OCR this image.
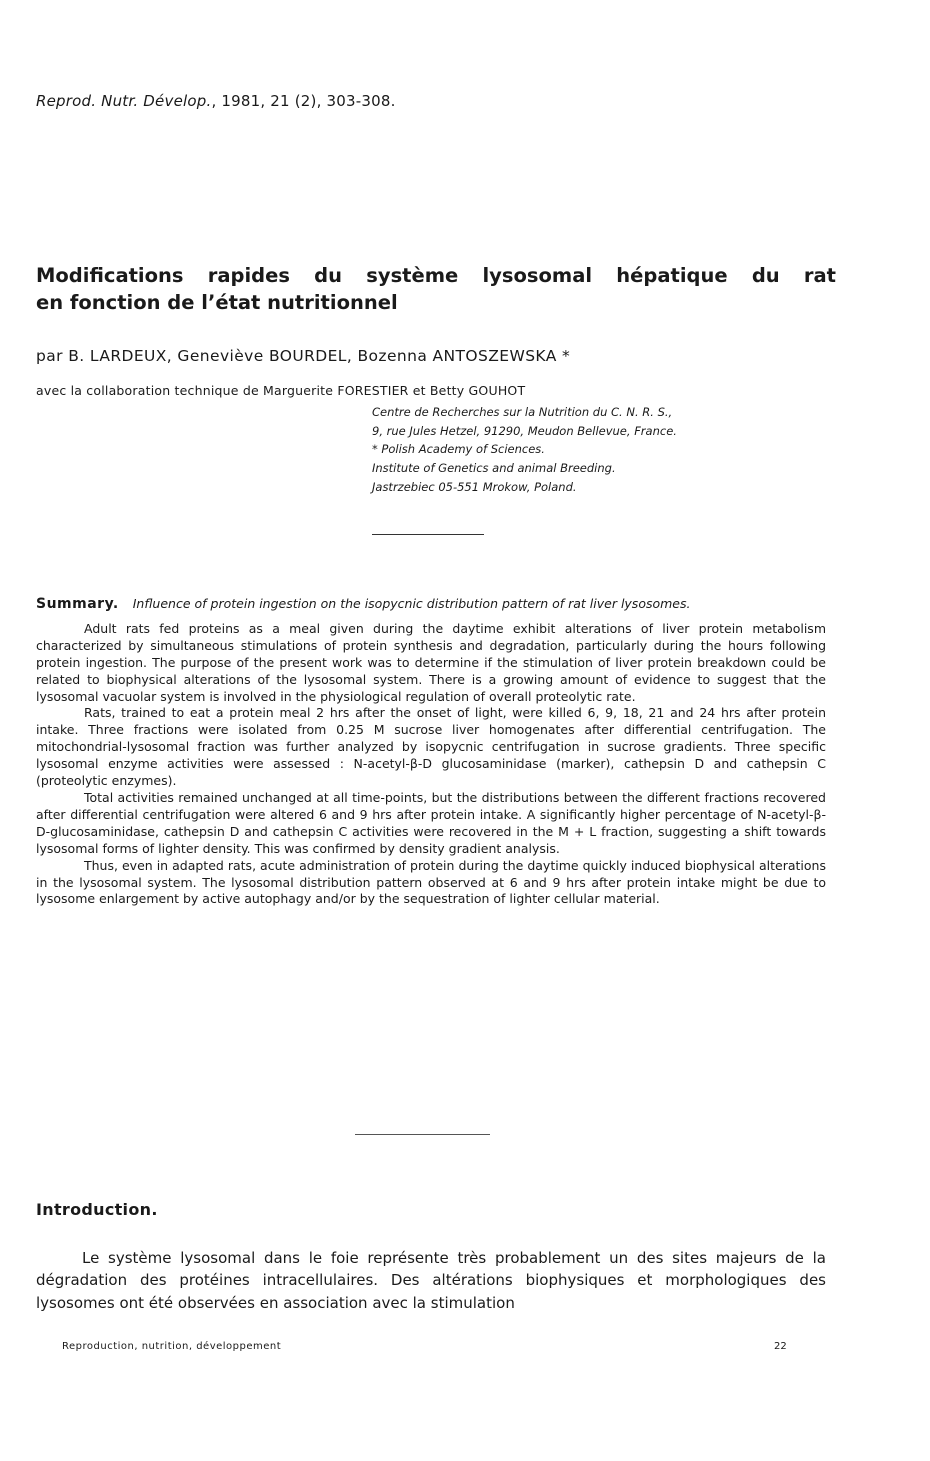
Reprod. Nutr. Dévelop., 1981, 21 (2), 303-308.
Modifications rapides du système lysosomal hépatique du rat
en fonction de l’état nutritionnel
par B. LARDEUX, Geneviève BOURDEL, Bozenna ANTOSZEWSKA *
avec la collaboration technique de Marguerite FORESTIER et Betty GOUHOT
Centre de Recherches sur la Nutrition du C. N. R. S.,
9, rue Jules Hetzel, 91290, Meudon Bellevue, France.
* Polish Academy of Sciences.
Institute of Genetics and animal Breeding.
Jastrzebiec 05-551 Mrokow, Poland.

Summary. Influence of protein ingestion on the isopycnic distribution pattern of rat liver lysosomes.

Adult rats fed proteins as a meal given during the daytime exhibit alterations of liver protein metabolism characterized by simultaneous stimulations of protein synthesis and degradation, particularly during the hours following protein ingestion. The purpose of the present work was to determine if the stimulation of liver protein breakdown could be related to biophysical alterations of the lysosomal system. There is a growing amount of evidence to suggest that the lysosomal vacuolar system is involved in the physiological regulation of overall proteolytic rate.

Rats, trained to eat a protein meal 2 hrs after the onset of light, were killed 6, 9, 18, 21 and 24 hrs after protein intake. Three fractions were isolated from 0.25 M sucrose liver homogenates after differential centrifugation. The mitochondrial-lysosomal fraction was further analyzed by isopycnic centrifugation in sucrose gradients. Three specific lysosomal enzyme activities were assessed : N-acetyl-β-D glucosaminidase (marker), cathepsin D and cathepsin C (proteolytic enzymes).

Total activities remained unchanged at all time-points, but the distributions between the different fractions recovered after differential centrifugation were altered 6 and 9 hrs after protein intake. A significantly higher percentage of N-acetyl-β-D-glucosaminidase, cathepsin D and cathepsin C activities were recovered in the M + L fraction, suggesting a shift towards lysosomal forms of lighter density. This was confirmed by density gradient analysis.

Thus, even in adapted rats, acute administration of protein during the daytime quickly induced biophysical alterations in the lysosomal system. The lysosomal distribution pattern observed at 6 and 9 hrs after protein intake might be due to lysosome enlargement by active autophagy and/or by the sequestration of lighter cellular material.

Introduction.

Le système lysosomal dans le foie représente très probablement un des sites majeurs de la dégradation des protéines intracellulaires. Des altérations biophysiques et morphologiques des lysosomes ont été observées en association avec la stimulation

Reproduction, nutrition, développement	22
